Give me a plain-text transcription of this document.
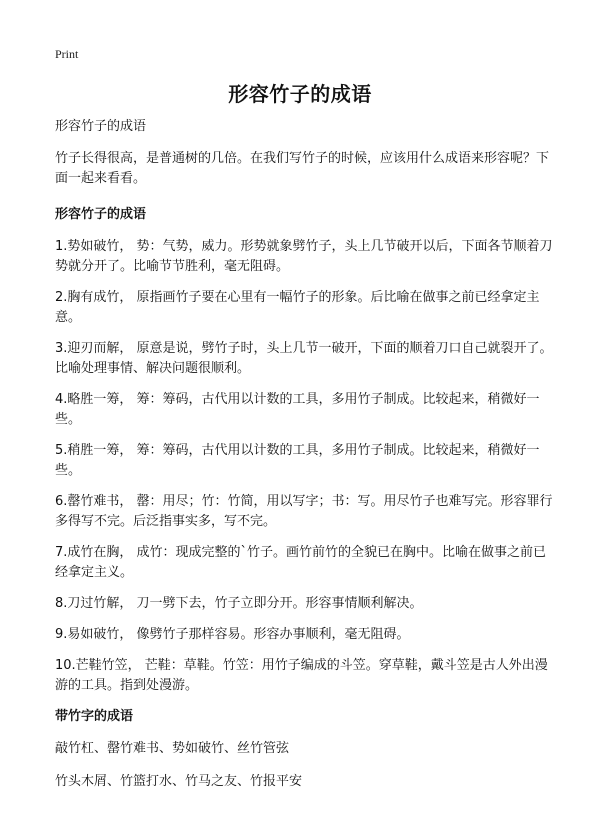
Print
形容竹子的成语

形容竹子的成语

竹子长得很高，是普通树的几倍。在我们写竹子的时候，应该用什么成语来形容呢？下面一起来看看。

形容竹子的成语

1.势如破竹， 势：气势，威力。形势就象劈竹子，头上几节破开以后，下面各节顺着刀势就分开了。比喻节节胜利，毫无阻碍。

2.胸有成竹， 原指画竹子要在心里有一幅竹子的形象。后比喻在做事之前已经拿定主意。

3.迎刃而解， 原意是说，劈竹子时，头上几节一破开，下面的顺着刀口自己就裂开了。比喻处理事情、解决问题很顺利。

4.略胜一筹， 筹：筹码，古代用以计数的工具，多用竹子制成。比较起来，稍微好一些。

5.稍胜一筹， 筹：筹码，古代用以计数的工具，多用竹子制成。比较起来，稍微好一些。

6.罄竹难书， 罄：用尽；竹：竹简，用以写字；书：写。用尽竹子也难写完。形容罪行多得写不完。后泛指事实多，写不完。

7.成竹在胸， 成竹：现成完整的`竹子。画竹前竹的全貌已在胸中。比喻在做事之前已经拿定主义。

8.刀过竹解， 刀一劈下去，竹子立即分开。形容事情顺利解决。

9.易如破竹， 像劈竹子那样容易。形容办事顺利，毫无阻碍。

10.芒鞋竹笠， 芒鞋：草鞋。竹笠：用竹子编成的斗笠。穿草鞋，戴斗笠是古人外出漫游的工具。指到处漫游。

带竹字的成语

敲竹杠、罄竹难书、势如破竹、丝竹管弦

竹头木屑、竹篮打水、竹马之友、竹报平安
